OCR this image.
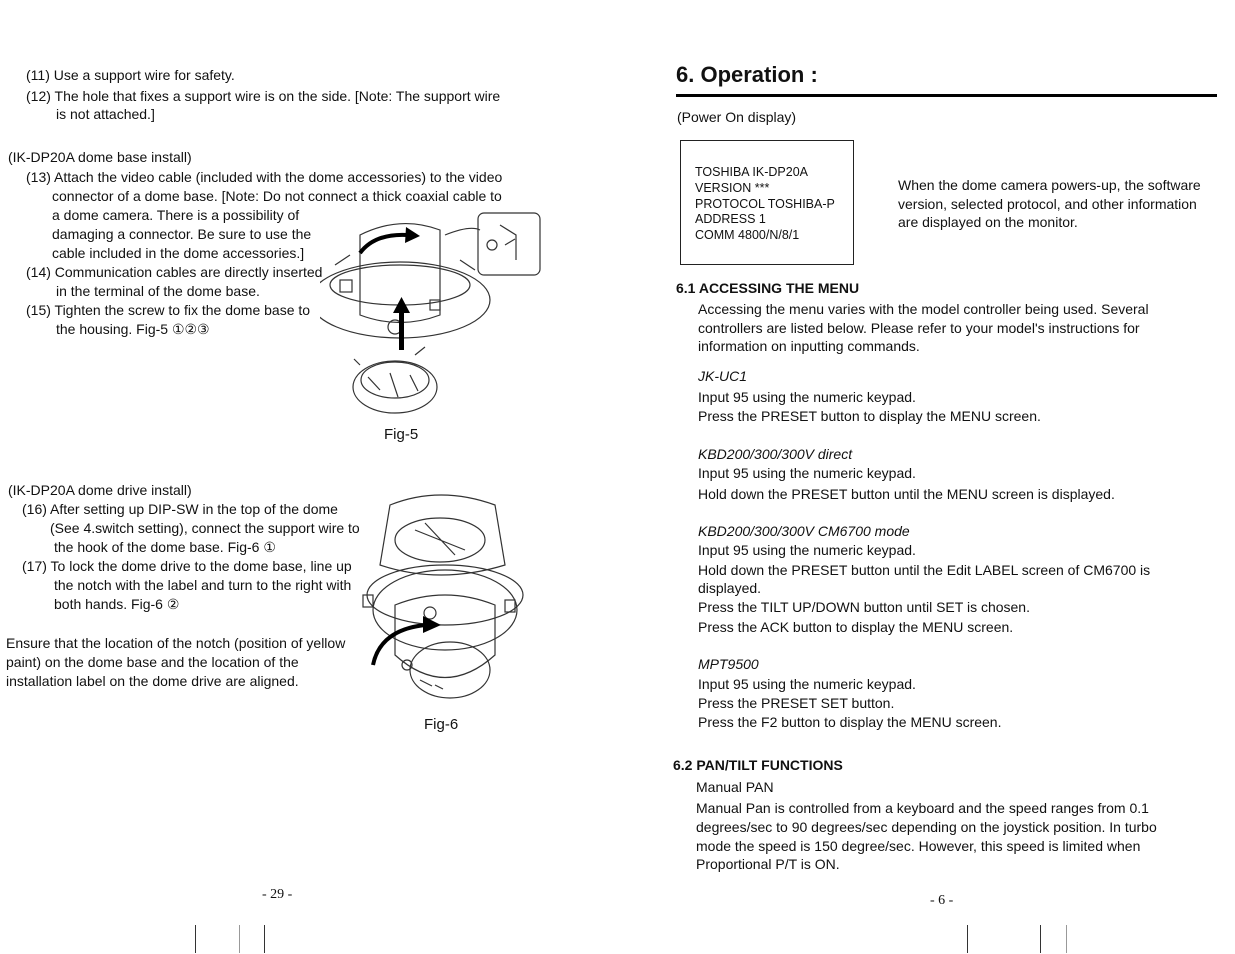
(11) Use a support wire for safety.
(12) The hole that fixes a support wire is on the side. [Note: The support wire
is not attached.]
(IK-DP20A dome base install)
(13) Attach the video cable (included with the dome accessories) to the video
connector of a dome base. [Note: Do not connect a thick coaxial cable to
a dome camera. There is a possibility of
damaging a connector. Be sure to use the
cable included in the dome accessories.]
(14) Communication cables are directly inserted
in the terminal of the dome base.
(15) Tighten the screw to fix the dome base to
the housing. Fig-5 ①②③
Fig-5
(IK-DP20A dome drive install)
(16) After setting up DIP-SW in the top of the dome
(See 4.switch setting), connect the support wire to
the hook of the dome base. Fig-6 ①
(17) To lock the dome drive to the dome base, line up
the notch with the label and turn to the right with
both hands. Fig-6 ②
Ensure that the location of the notch (position of yellow
paint) on the dome base and the location of the
installation label on the dome drive are aligned.
Fig-6
- 29 -
6. Operation :
(Power On display)
TOSHIBA IK-DP20A
VERSION ***
PROTOCOL TOSHIBA-P
ADDRESS 1
COMM 4800/N/8/1
When the dome camera powers-up, the software
version, selected protocol, and other information
are displayed on the monitor.
6.1 ACCESSING THE MENU
Accessing the menu varies with the model controller being used. Several
controllers are listed below. Please refer to your model's instructions for
information on inputting commands.
JK-UC1
Input 95 using the numeric keypad.
Press the PRESET button to display the MENU screen.
KBD200/300/300V direct
Input 95 using the numeric keypad.
Hold down the PRESET button until the MENU screen is displayed.
KBD200/300/300V CM6700 mode
Input 95 using the numeric keypad.
Hold down the PRESET button until the Edit LABEL screen of CM6700 is
displayed.
Press the TILT UP/DOWN button until SET is chosen.
Press the ACK button to display the MENU screen.
MPT9500
Input 95 using the numeric keypad.
Press the PRESET SET button.
Press the F2 button to display the MENU screen.
6.2 PAN/TILT FUNCTIONS
Manual PAN
Manual Pan is controlled from a keyboard and the speed ranges from 0.1
degrees/sec to 90 degrees/sec depending on the joystick position. In turbo
mode the speed is 150 degree/sec. However, this speed is limited when
Proportional P/T is ON.
- 6 -
